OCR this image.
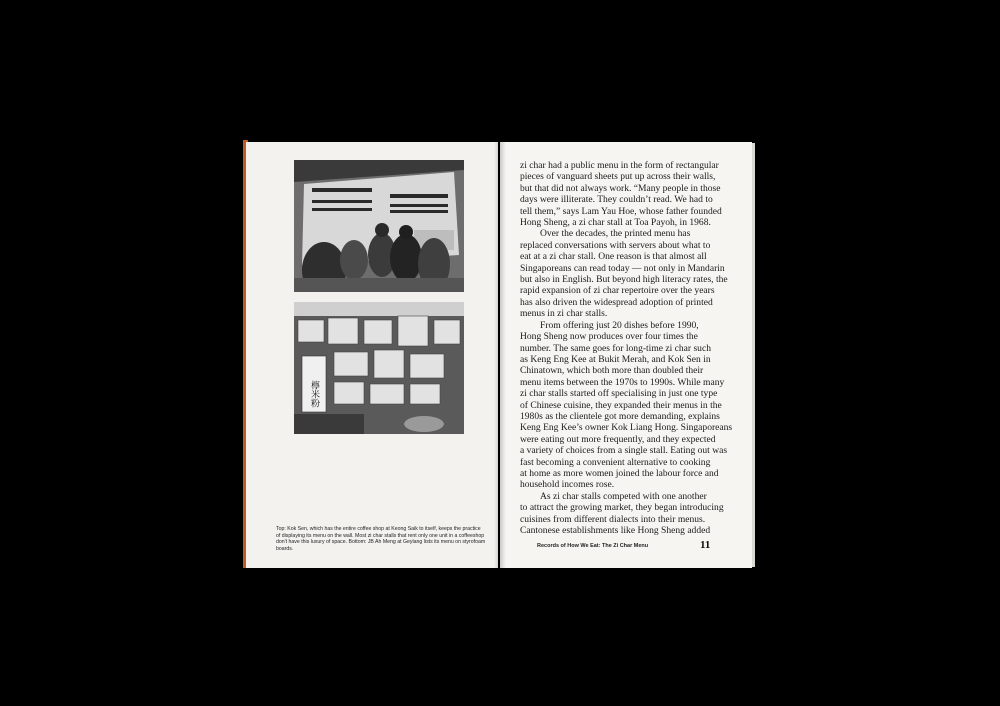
檸米粉
Top: Kok Sen, which has the entire coffee shop at Keong Saik to itself, keeps the practice of displaying its menu on the wall. Most zi char stalls that rent only one unit in a coffeeshop don't have this luxury of space. Bottom: JB Ah Meng at Geylang lists its menu on styrofoam boards.
zi char had a public menu in the form of rectangular
pieces of vanguard sheets put up across their walls,
but that did not always work. “Many people in those
days were illiterate. They couldn’t read. We had to
tell them,” says Lam Yau Hoe, whose father founded
Hong Sheng, a zi char stall at Toa Payoh, in 1968.
Over the decades, the printed menu has
replaced conversations with servers about what to
eat at a zi char stall. One reason is that almost all
Singaporeans can read today — not only in Mandarin
but also in English. But beyond high literacy rates, the
rapid expansion of zi char repertoire over the years
has also driven the widespread adoption of printed
menus in zi char stalls.
From offering just 20 dishes before 1990,
Hong Sheng now produces over four times the
number. The same goes for long-time zi char such
as Keng Eng Kee at Bukit Merah, and Kok Sen in
Chinatown, which both more than doubled their
menu items between the 1970s to 1990s. While many
zi char stalls started off specialising in just one type
of Chinese cuisine, they expanded their menus in the
1980s as the clientele got more demanding, explains
Keng Eng Kee’s owner Kok Liang Hong. Singaporeans
were eating out more frequently, and they expected
a variety of choices from a single stall. Eating out was
fast becoming a convenient alternative to cooking
at home as more women joined the labour force and
household incomes rose.
As zi char stalls competed with one another
to attract the growing market, they began introducing
cuisines from different dialects into their menus.
Cantonese establishments like Hong Sheng added
Records of How We Eat: The Zi Char Menu	11
